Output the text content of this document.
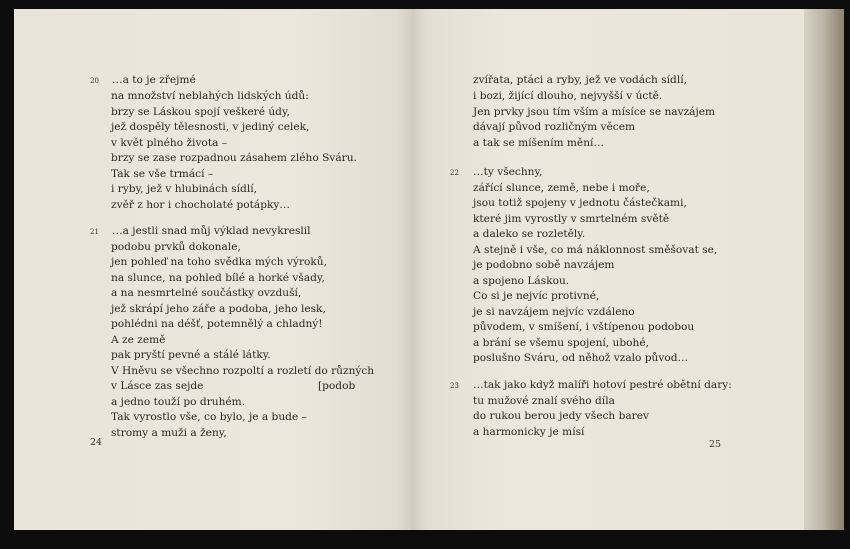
20 …a to je zřejmé
na množství neblahých lidských údů:
brzy se Láskou spojí veškeré údy,
jež dospěly tělesnosti, v jediný celek,
v květ plného života –
brzy se zase rozpadnou zásahem zlého Sváru.
Tak se vše trmácí –
i ryby, jež v hlubinách sídlí,
zvěř z hor i chocholaté potápky…
21 …a jestli snad můj výklad nevykreslil
podobu prvků dokonale,
jen pohleď na toho svědka mých výroků,
na slunce, na pohled bílé a horké všady,
a na nesmrtelné součástky ovzduší,
jež skrápí jeho záře a podoba, jeho lesk,
pohlédni na déšť, potemnělý a chladný!
A ze země
pak pryští pevné a stálé látky.
V Hněvu se všechno rozpoltí a rozletí do různých
v Lásce zas sejde	[podob
a jedno touží po druhém.
Tak vyrostlo vše, co bylo, je a bude –
stromy a muži a ženy,
24
zvířata, ptáci a ryby, jež ve vodách sídlí,
i bozi, žijící dlouho, nejvyšší v úctě.
Jen prvky jsou tím vším a mísíce se navzájem
dávají původ rozličným věcem
a tak se míšením mění…
22 …ty všechny,
zářící slunce, země, nebe i moře,
jsou totiž spojeny v jednotu částečkami,
které jim vyrostly v smrtelném světě
a daleko se rozletěly.
A stejně i vše, co má náklonnost směšovat se,
je podobno sobě navzájem
a spojeno Láskou.
Co si je nejvíc protivné,
je si navzájem nejvíc vzdáleno
původem, v smíšení, i vštípenou podobou
a brání se všemu spojení, ubohé,
poslušno Sváru, od něhož vzalo původ…
23 …tak jako když malíři hotoví pestré obětní dary:
tu mužové znalí svého díla
do rukou berou jedy všech barev
a harmonicky je mísí
25
